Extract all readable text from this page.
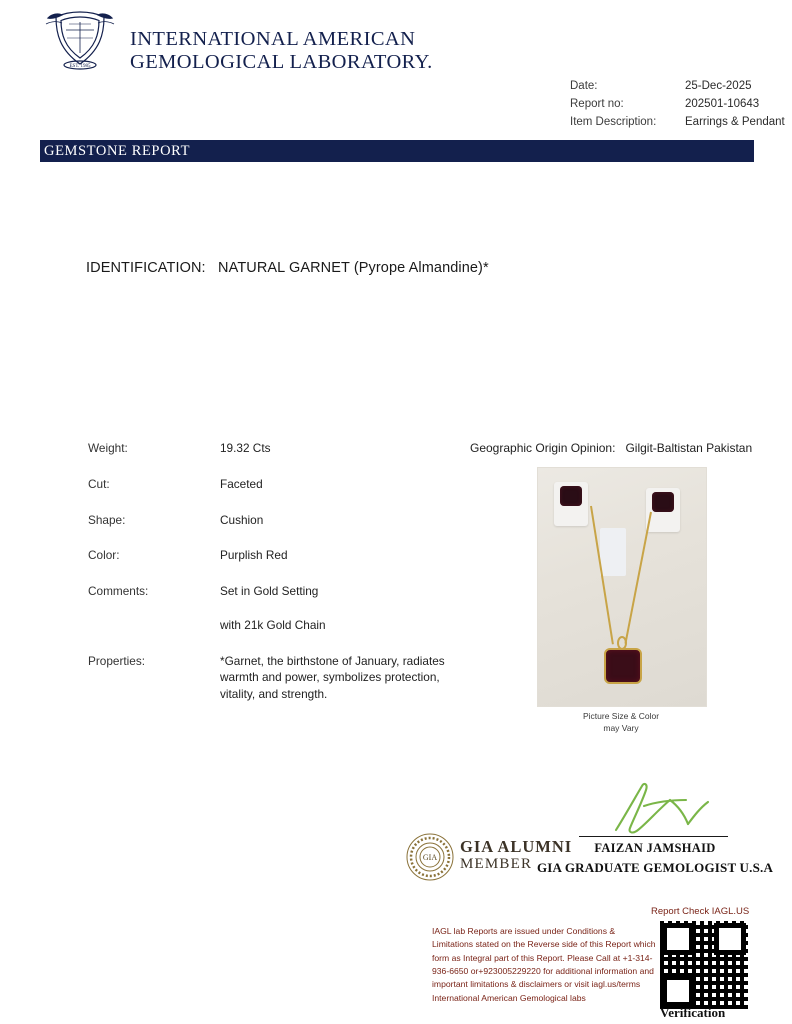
EST. 1985
INTERNATIONAL AMERICAN
GEMOLOGICAL LABORATORY.
Date:	25-Dec-2025
Report no:	202501-10643
Item Description:	Earrings & Pendant
GEMSTONE REPORT
IDENTIFICATION: NATURAL GARNET (Pyrope Almandine)*
Weight:	19.32 Cts
Cut:	Faceted
Shape:	Cushion
Color:	Purplish Red
Comments:	Set in Gold Setting
with 21k Gold Chain
Properties:	*Garnet, the birthstone of January, radiates warmth and power, symbolizes protection, vitality, and strength.
Geographic Origin Opinion: Gilgit-Baltistan Pakistan
Picture Size & Color
may Vary
FAIZAN JAMSHAID
GIA GRADUATE GEMOLOGIST U.S.A
GIA
GIA ALUMNI
MEMBER
IAGL lab Reports are issued under Conditions & Limitations stated on the Reverse side of this Report which form as Integral part of this Report. Please Call at +1-314-936-6650 or+923005229220 for additional information and important limitations & disclaimers or visit iagl.us/terms International American Gemological labs
Report Check IAGL.US
Verification
